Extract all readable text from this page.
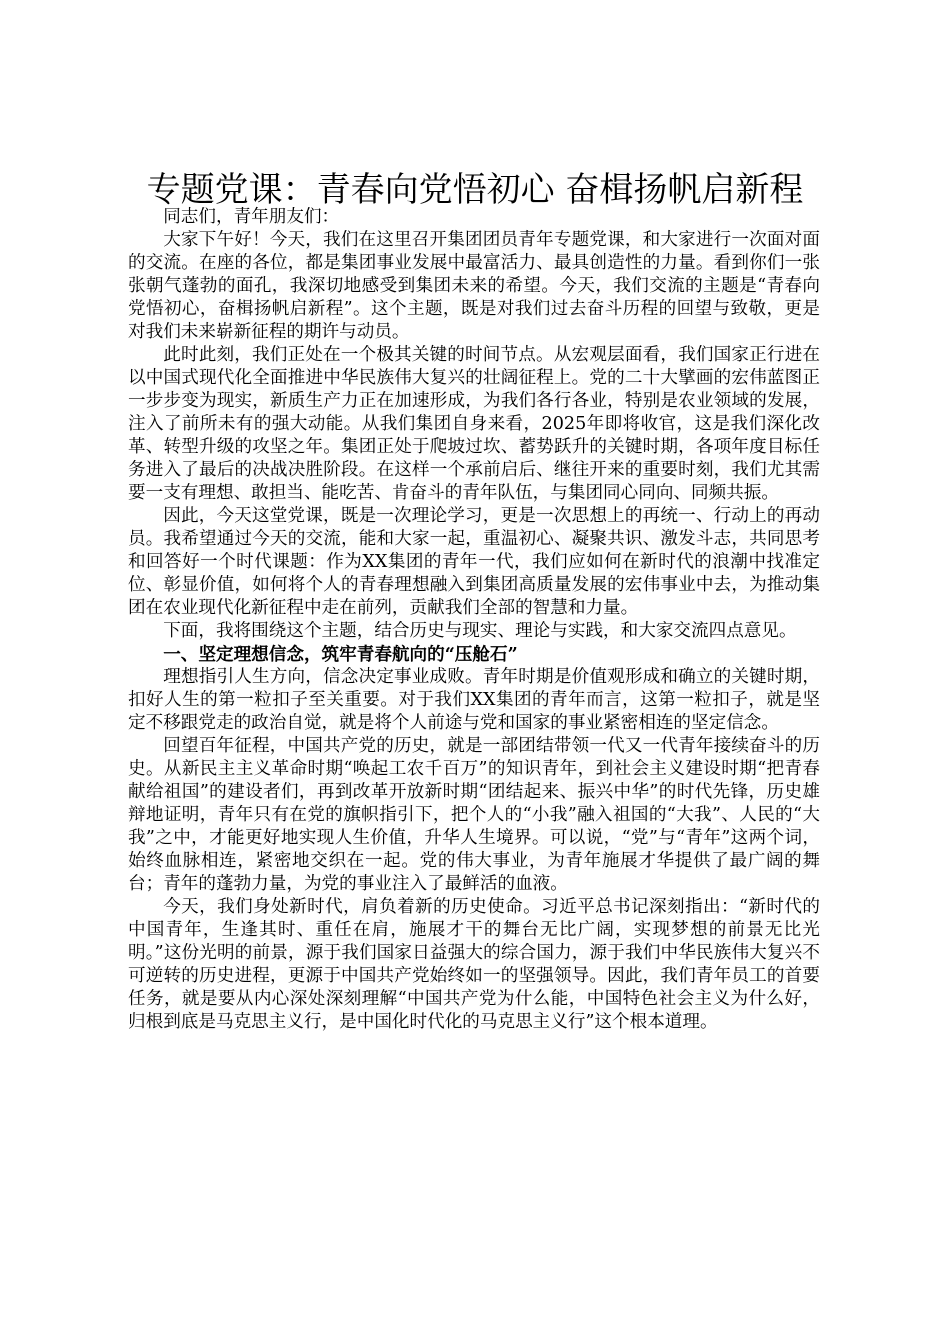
专题党课：青春向党悟初心 奋楫扬帆启新程

同志们，青年朋友们：

大家下午好！今天，我们在这里召开集团团员青年专题党课，和大家进行一次面对面的交流。在座的各位，都是集团事业发展中最富活力、最具创造性的力量。看到你们一张张朝气蓬勃的面孔，我深切地感受到集团未来的希望。今天，我们交流的主题是“青春向党悟初心，奋楫扬帆启新程”。这个主题，既是对我们过去奋斗历程的回望与致敬，更是对我们未来崭新征程的期许与动员。

此时此刻，我们正处在一个极其关键的时间节点。从宏观层面看，我们国家正行进在以中国式现代化全面推进中华民族伟大复兴的壮阔征程上。党的二十大擘画的宏伟蓝图正一步步变为现实，新质生产力正在加速形成，为我们各行各业，特别是农业领域的发展，注入了前所未有的强大动能。从我们集团自身来看，2025年即将收官，这是我们深化改革、转型升级的攻坚之年。集团正处于爬坡过坎、蓄势跃升的关键时期，各项年度目标任务进入了最后的决战决胜阶段。在这样一个承前启后、继往开来的重要时刻，我们尤其需要一支有理想、敢担当、能吃苦、肯奋斗的青年队伍，与集团同心同向、同频共振。

因此，今天这堂党课，既是一次理论学习，更是一次思想上的再统一、行动上的再动员。我希望通过今天的交流，能和大家一起，重温初心、凝聚共识、激发斗志，共同思考和回答好一个时代课题：作为XX集团的青年一代，我们应如何在新时代的浪潮中找准定位、彰显价值，如何将个人的青春理想融入到集团高质量发展的宏伟事业中去，为推动集团在农业现代化新征程中走在前列，贡献我们全部的智慧和力量。

下面，我将围绕这个主题，结合历史与现实、理论与实践，和大家交流四点意见。

一、坚定理想信念，筑牢青春航向的“压舱石”

理想指引人生方向，信念决定事业成败。青年时期是价值观形成和确立的关键时期，扣好人生的第一粒扣子至关重要。对于我们XX集团的青年而言，这第一粒扣子，就是坚定不移跟党走的政治自觉，就是将个人前途与党和国家的事业紧密相连的坚定信念。

回望百年征程，中国共产党的历史，就是一部团结带领一代又一代青年接续奋斗的历史。从新民主主义革命时期“唤起工农千百万”的知识青年，到社会主义建设时期“把青春献给祖国”的建设者们，再到改革开放新时期“团结起来、振兴中华”的时代先锋，历史雄辩地证明，青年只有在党的旗帜指引下，把个人的“小我”融入祖国的“大我”、人民的“大我”之中，才能更好地实现人生价值，升华人生境界。可以说，“党”与“青年”这两个词，始终血脉相连，紧密地交织在一起。党的伟大事业，为青年施展才华提供了最广阔的舞台；青年的蓬勃力量，为党的事业注入了最鲜活的血液。

今天，我们身处新时代，肩负着新的历史使命。习近平总书记深刻指出：“新时代的中国青年，生逢其时、重任在肩，施展才干的舞台无比广阔，实现梦想的前景无比光明。”这份光明的前景，源于我们国家日益强大的综合国力，源于我们中华民族伟大复兴不可逆转的历史进程，更源于中国共产党始终如一的坚强领导。因此，我们青年员工的首要任务，就是要从内心深处深刻理解“中国共产党为什么能，中国特色社会主义为什么好，归根到底是马克思主义行，是中国化时代化的马克思主义行”这个根本道理。
